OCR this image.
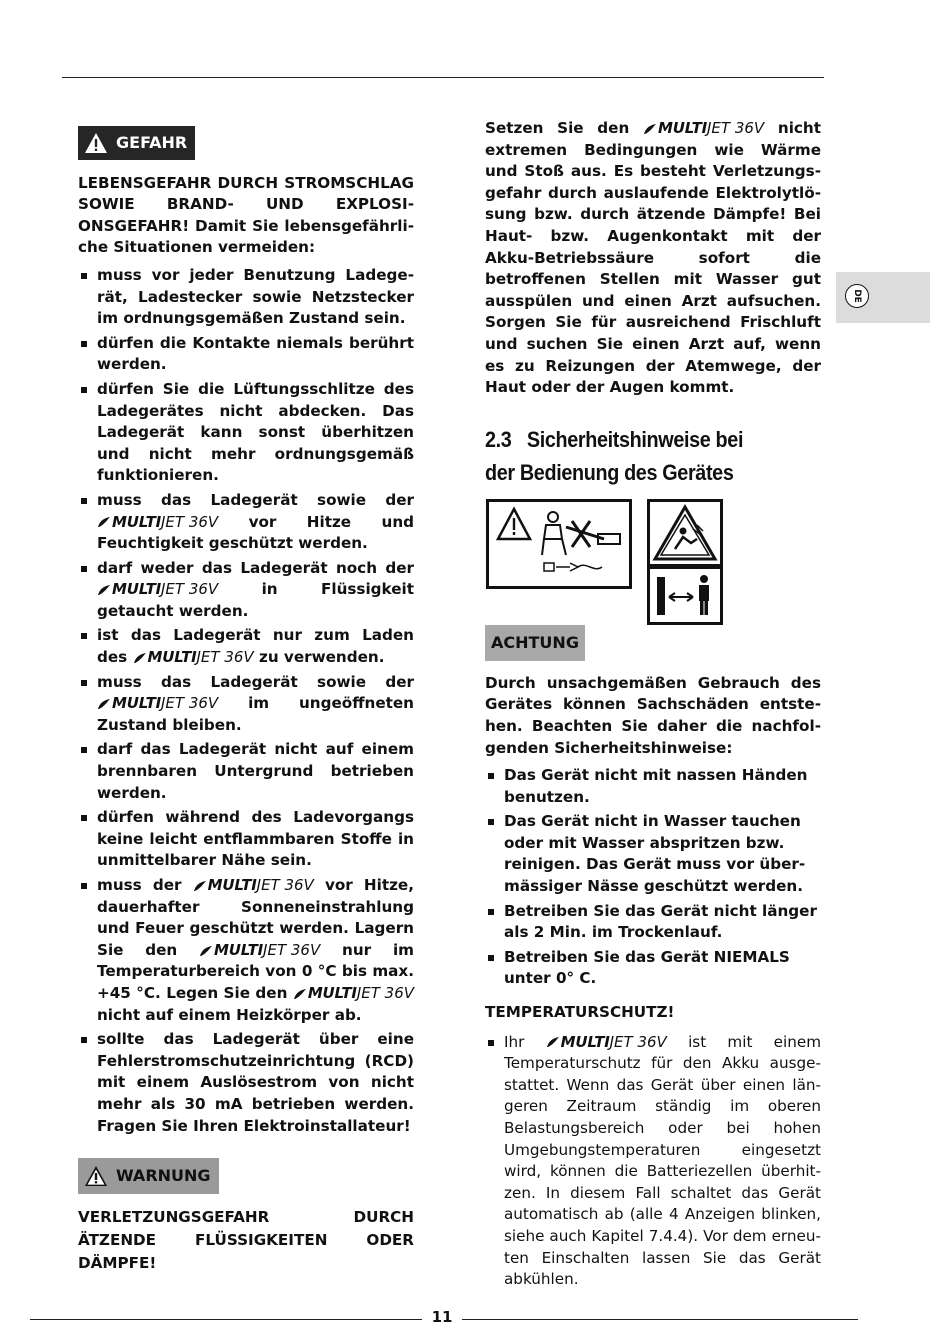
GEFAHR

LEBENSGEFAHR DURCH STROMSCHLAG SOWIE BRAND- UND EXPLOSIONSGEFAHR! Damit Sie lebensgefährliche Situationen vermeiden:

muss vor jeder Benutzung Ladegerät, Ladestecker sowie Netzstecker im ordnungsgemäßen Zustand sein.
dürfen die Kontakte niemals berührt werden.
dürfen Sie die Lüftungsschlitze des Ladegerätes nicht abdecken. Das Ladegerät kann sonst überhitzen und nicht mehr ordnungsgemäß funktionieren.
muss das Ladegerät sowie der
MULTI JET 36V vor Hitze und Feuchtigkeit geschützt werden.
darf weder das Ladegerät noch der
MULTI JET 36V in Flüssigkeit getaucht werden.
ist das Ladegerät nur zum Laden des MULTI JET 36V zu verwenden.
muss das Ladegerät sowie der
MULTI JET 36V im ungeöffneten Zustand bleiben.
darf das Ladegerät nicht auf einem brennbaren Untergrund betrieben werden.
dürfen während des Ladevorgangs keine leicht entflammbaren Stoffe in unmittelbarer Nähe sein.
muss der MULTI JET 36V vor Hitze, dauerhafter Sonneneinstrahlung und Feuer geschützt werden. Lagern Sie den MULTI JET 36V nur im Temperaturbereich von 0 °C bis max. +45 °C. Legen Sie den MULTI JET 36V
nicht auf einem Heizkörper ab.
sollte das Ladegerät über eine Fehlerstromschutzeinrichtung (RCD) mit einem Auslösestrom von nicht mehr als 30 mA betrieben werden. Fragen Sie Ihren Elektroinstallateur!
WARNUNG

VERLETZUNGSGEFAHR DURCH ÄTZENDE FLÜSSIGKEITEN ODER DÄMPFE!

Setzen Sie den MULTI JET 36V nicht extremen Bedingungen wie Wärme und Stoß aus. Es besteht Verletzungsgefahr durch auslaufende Elektrolytlösung bzw. durch ätzende Dämpfe! Bei Haut- bzw. Augenkontakt mit der Akku-Betriebssäure sofort die betroffenen Stellen mit Wasser gut ausspülen und einen Arzt aufsuchen. Sorgen Sie für ausreichend Frischluft und suchen Sie einen Arzt auf, wenn es zu Reizungen der Atemwege, der Haut oder der Augen kommt.

2.3 Sicherheitshinweise bei
der Bedienung des Gerätes
ACHTUNG

Durch unsachgemäßen Gebrauch des Gerätes können Sachschäden entstehen. Beachten Sie daher die nachfolgenden Sicherheitshinweise:

Das Gerät nicht mit nassen Händen benutzen.
Das Gerät nicht in Wasser tauchen oder mit Wasser abspritzen bzw. reinigen. Das Gerät muss vor übermässiger Nässe geschützt werden.
Betreiben Sie das Gerät nicht länger als 2 Min. im Trockenlauf.
Betreiben Sie das Gerät NIEMALS unter 0° C.

TEMPERATURSCHUTZ!

Ihr MULTI JET 36V ist mit einem Temperaturschutz für den Akku ausgestattet. Wenn das Gerät über einen längeren Zeitraum ständig im oberen Belastungsbereich oder bei hohen Umgebungstemperaturen eingesetzt wird, können die Batteriezellen überhitzen. In diesem Fall schaltet das Gerät automatisch ab (alle 4 Anzeigen blinken, siehe auch Kapitel 7.4.4). Vor dem erneuten Einschalten lassen Sie das Gerät abkühlen.
DE
11
